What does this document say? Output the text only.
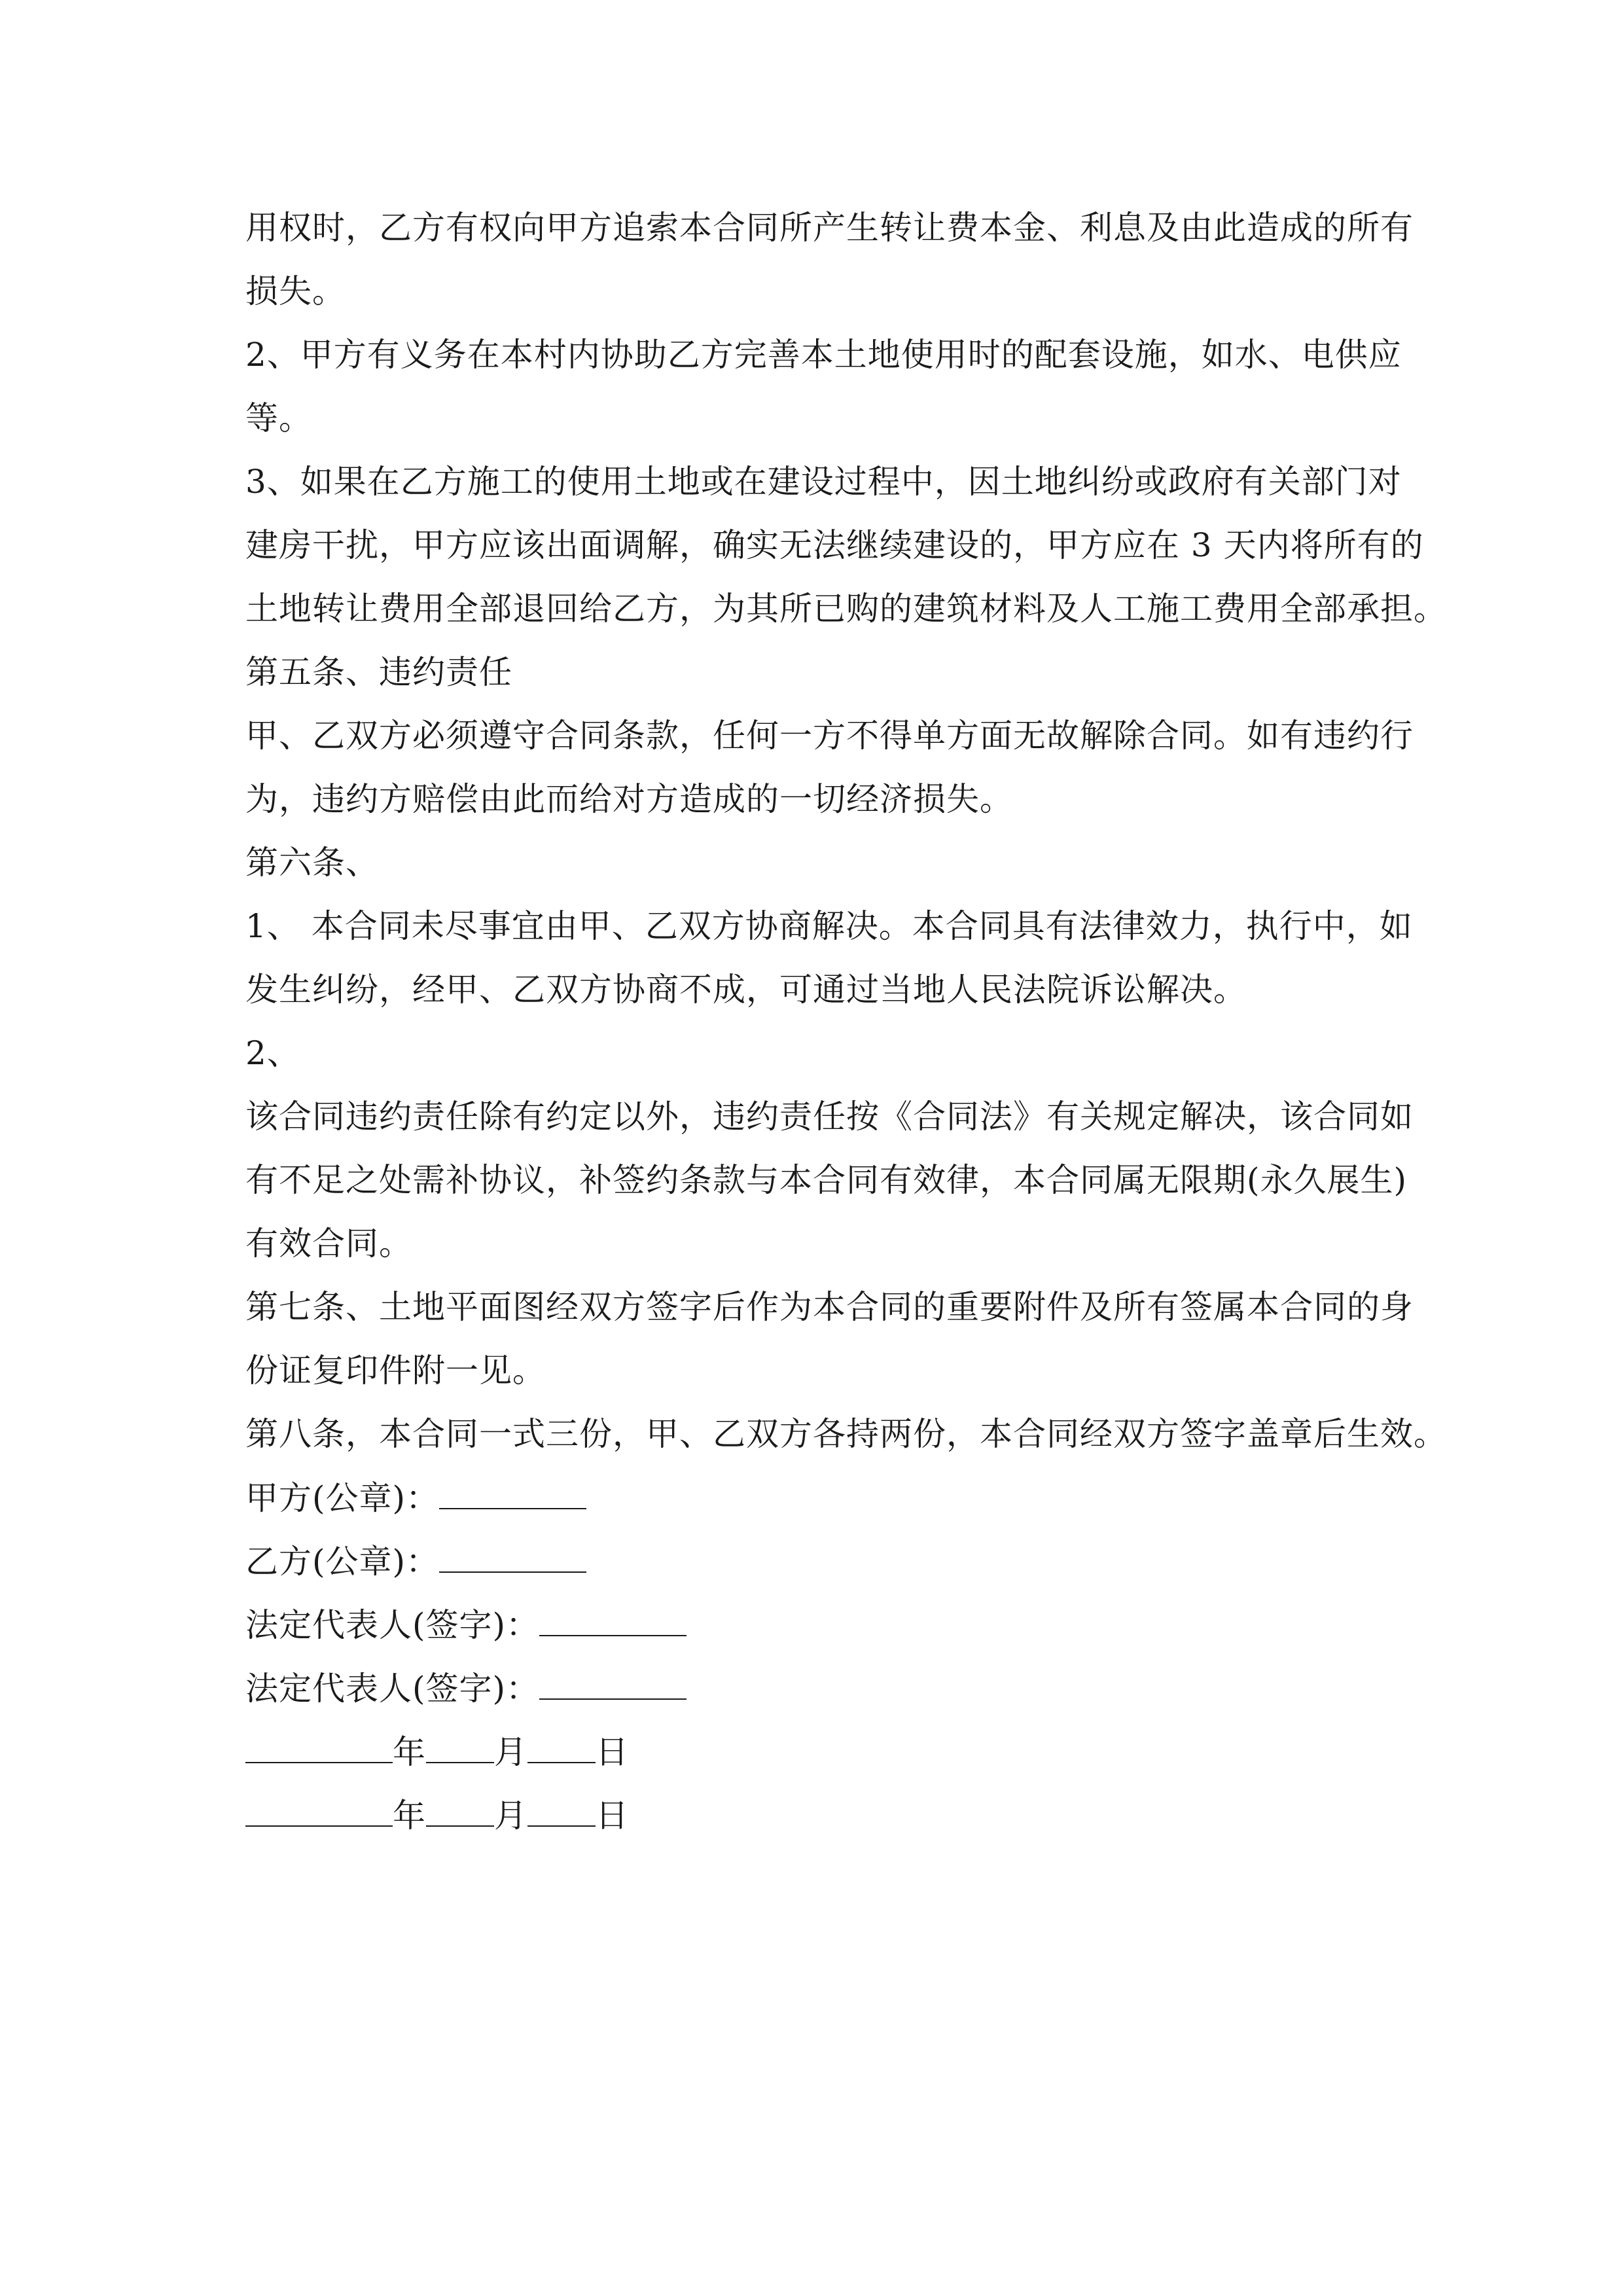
用权时，乙方有权向甲方追索本合同所产生转让费本金、利息及由此造成的所有
损失。
2、甲方有义务在本村内协助乙方完善本土地使用时的配套设施，如水、电供应
等。
3、如果在乙方施工的使用土地或在建设过程中，因土地纠纷或政府有关部门对
建房干扰，甲方应该出面调解，确实无法继续建设的，甲方应在 3 天内将所有的
土地转让费用全部退回给乙方，为其所已购的建筑材料及人工施工费用全部承担。
第五条、违约责任
甲、乙双方必须遵守合同条款，任何一方不得单方面无故解除合同。如有违约行
为，违约方赔偿由此而给对方造成的一切经济损失。
第六条、
1、 本合同未尽事宜由甲、乙双方协商解决。本合同具有法律效力，执行中，如
发生纠纷，经甲、乙双方协商不成，可通过当地人民法院诉讼解决。
2、
该合同违约责任除有约定以外，违约责任按《合同法》有关规定解决，该合同如
有不足之处需补协议，补签约条款与本合同有效律，本合同属无限期(永久展生)
有效合同。
第七条、土地平面图经双方签字后作为本合同的重要附件及所有签属本合同的身
份证复印件附一见。
第八条，本合同一式三份，甲、乙双方各持两份，本合同经双方签字盖章后生效。
甲方(公章)：
乙方(公章)：
法定代表人(签字)：
法定代表人(签字)：
年 月 日
年 月 日
